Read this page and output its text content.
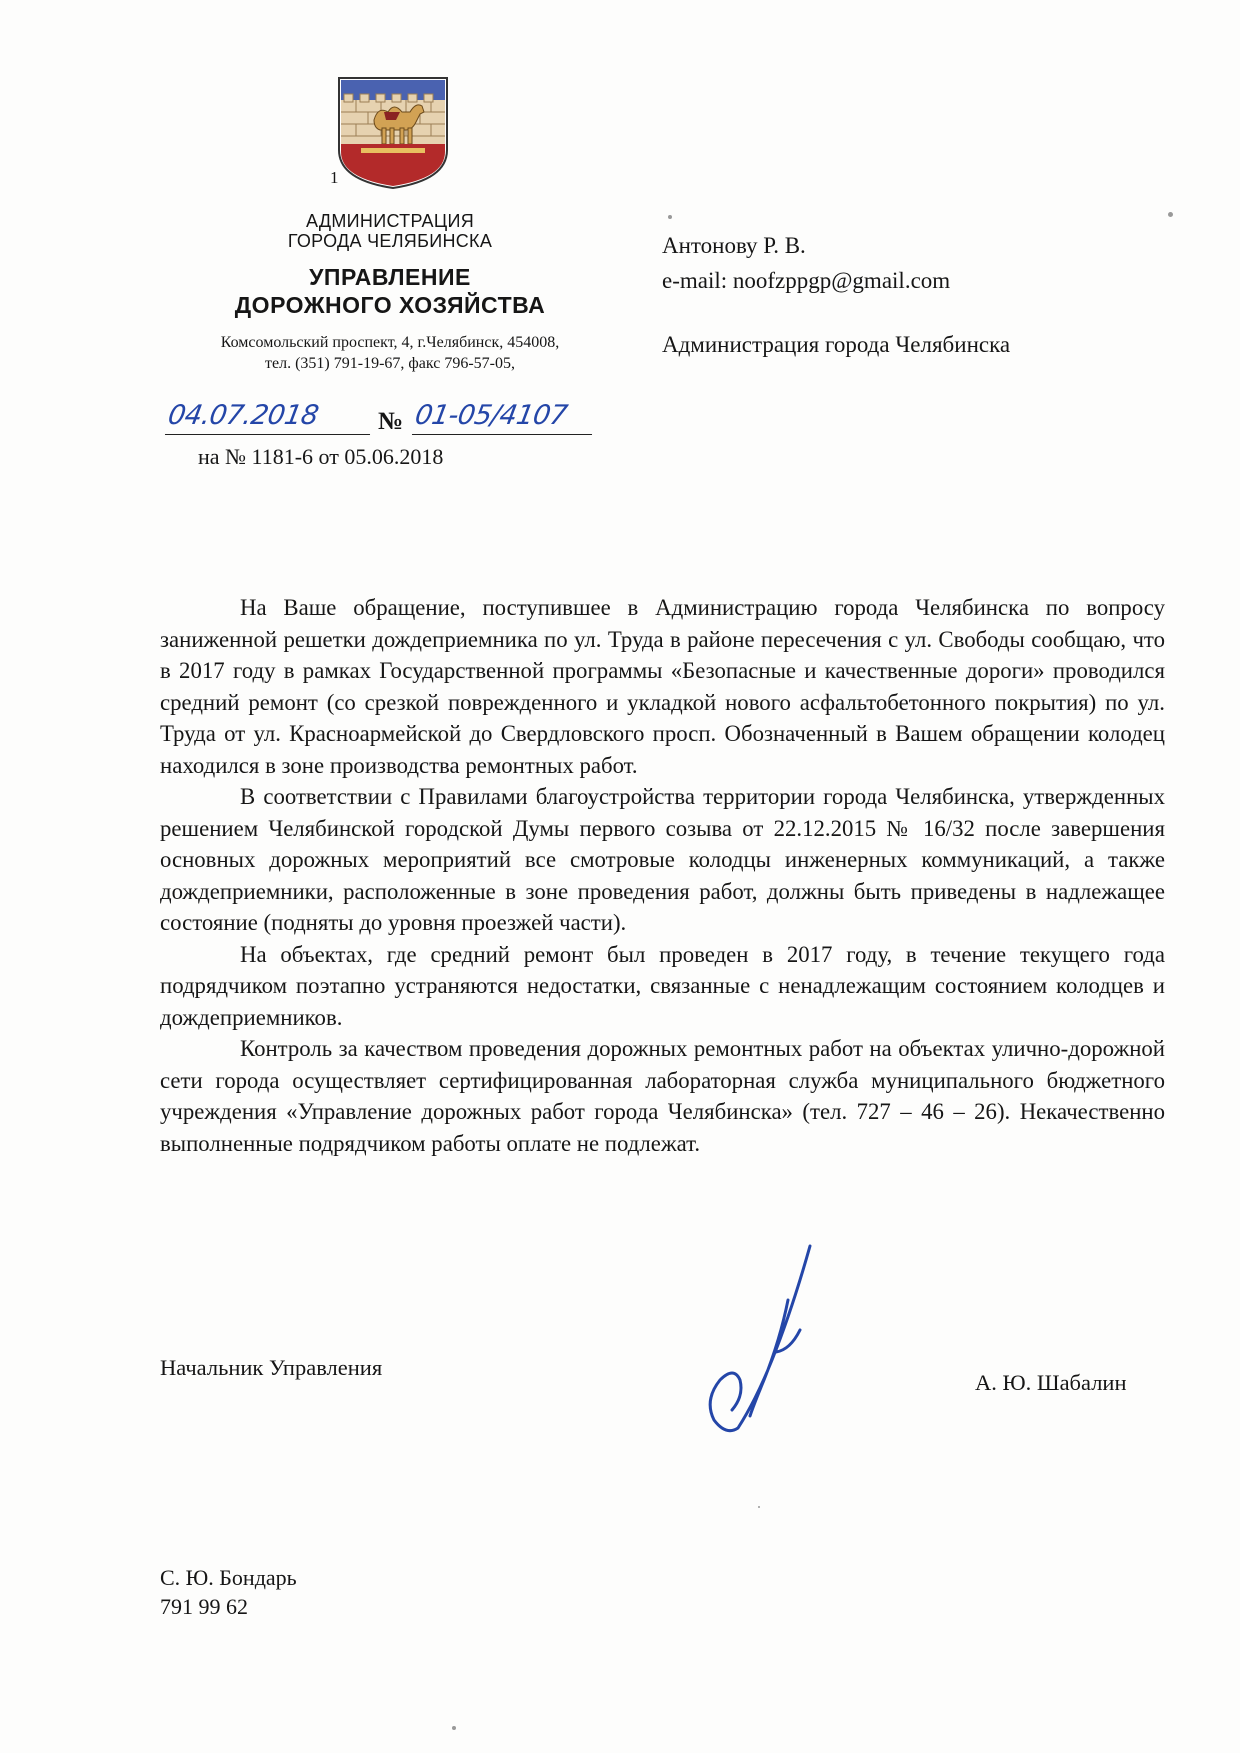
1
АДМИНИСТРАЦИЯ
ГОРОДА ЧЕЛЯБИНСКА
УПРАВЛЕНИЕ
ДОРОЖНОГО ХОЗЯЙСТВА
Комсомольский проспект, 4, г.Челябинск, 454008,
тел. (351) 791-19-67, факс 796-57-05,
04.07.2018	№ 01-05/4107
на № 1181-6 от 05.06.2018
Антонову Р. В.
e-mail: noofzppgp@gmail.com
Администрация города Челябинска

На Ваше обращение, поступившее в Администрацию города Челябинска по вопросу заниженной решетки дождеприемника по ул. Труда в районе пересечения с ул. Свободы сообщаю, что в 2017 году в рамках Государственной программы «Безопасные и качественные дороги» проводился средний ремонт (со срезкой поврежденного и укладкой нового асфальтобетонного покрытия) по ул. Труда от ул. Красноармейской до Свердловского просп. Обозначенный в Вашем обращении колодец находился в зоне производства ремонтных работ.

В соответствии с Правилами благоустройства территории города Челябинска, утвержденных решением Челябинской городской Думы первого созыва от 22.12.2015 № 16/32 после завершения основных дорожных мероприятий все смотровые колодцы инженерных коммуникаций, а также дождеприемники, расположенные в зоне проведения работ, должны быть приведены в надлежащее состояние (подняты до уровня проезжей части).

На объектах, где средний ремонт был проведен в 2017 году, в течение текущего года подрядчиком поэтапно устраняются недостатки, связанные с ненадлежащим состоянием колодцев и дождеприемников.

Контроль за качеством проведения дорожных ремонтных работ на объектах улично-дорожной сети города осуществляет сертифицированная лабораторная служба муниципального бюджетного учреждения «Управление дорожных работ города Челябинска» (тел. 727 – 46 – 26). Некачественно выполненные подрядчиком работы оплате не подлежат.

Начальник Управления
А. Ю. Шабалин
С. Ю. Бондарь
791 99 62
